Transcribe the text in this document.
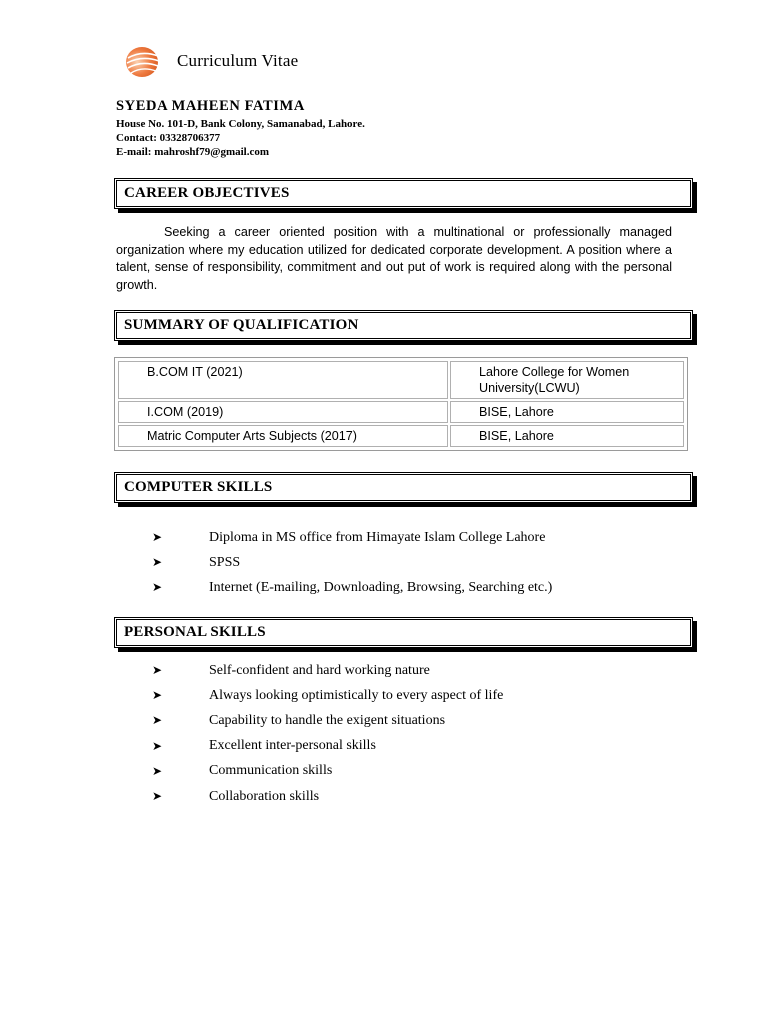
Curriculum Vitae
SYEDA MAHEEN FATIMA
House No. 101-D, Bank Colony, Samanabad, Lahore.
Contact: 03328706377
E-mail: mahroshf79@gmail.com
CAREER OBJECTIVES
Seeking a career oriented position with a multinational or professionally managed organization where my education utilized for dedicated corporate development. A position where a talent, sense of responsibility, commitment and out put of work is required along with the personal growth.
SUMMARY OF QUALIFICATION
B.COM IT (2021)	Lahore College for Women University(LCWU)
I.COM (2019)	BISE, Lahore
Matric Computer Arts Subjects (2017)	BISE, Lahore
COMPUTER SKILLS
➤	Diploma in MS office from Himayate Islam College Lahore
➤	SPSS
➤	Internet (E-mailing, Downloading, Browsing, Searching etc.)
PERSONAL SKILLS
➤	Self-confident and hard working nature
➤	Always looking optimistically to every aspect of life
➤	Capability to handle the exigent situations
➤	Excellent inter-personal skills
➤	Communication skills
➤	Collaboration skills
